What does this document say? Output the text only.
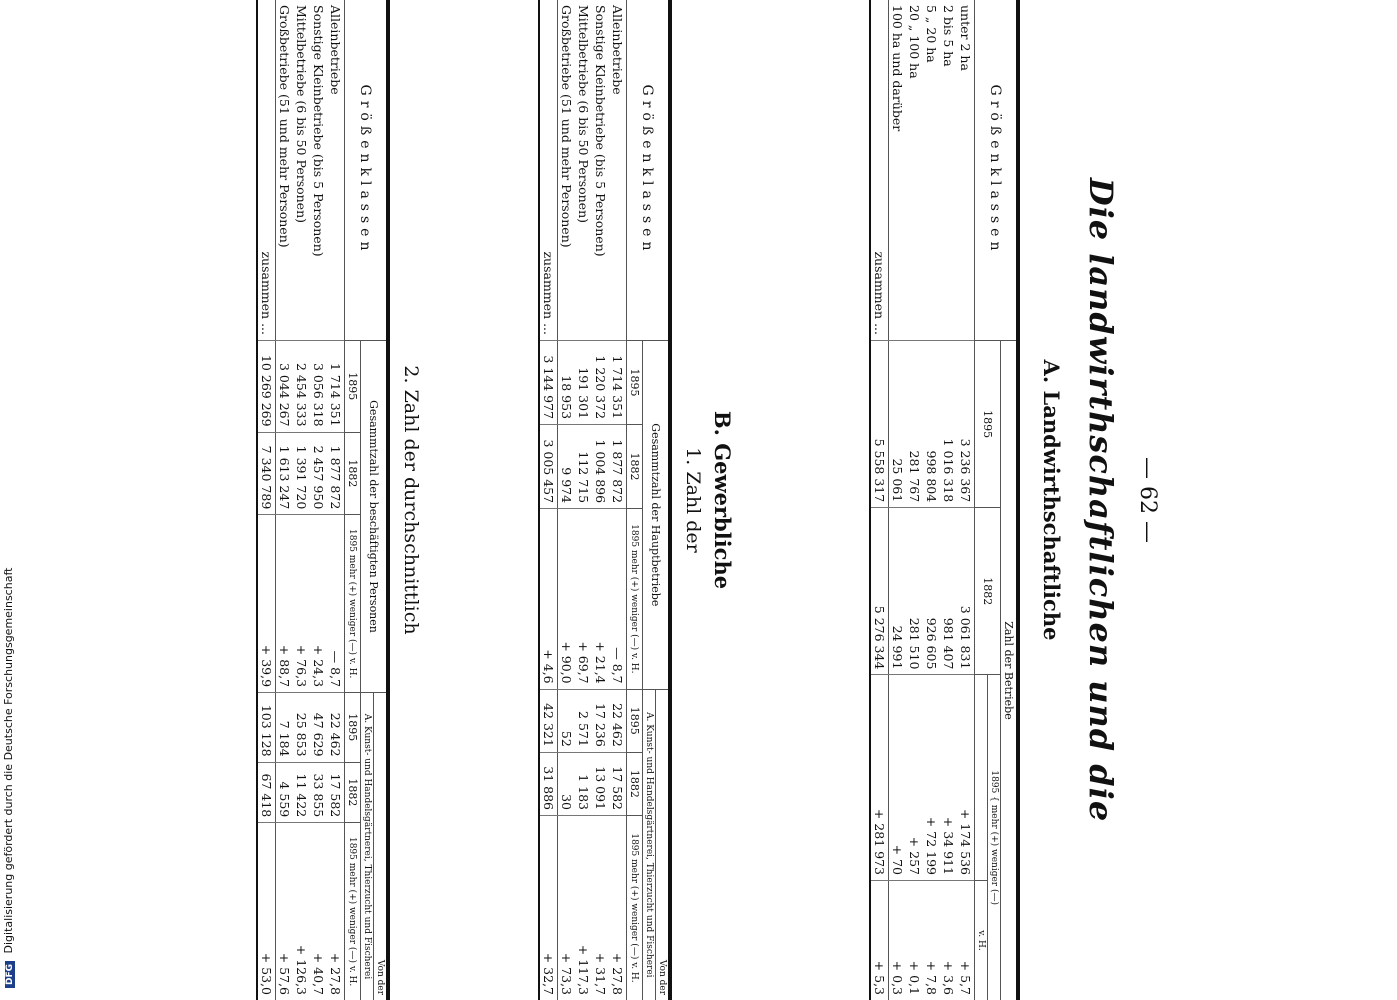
DFG Digitalisierung gefördert durch die Deutsche Forschungsgemeinschaft
— 62 —
Die landwirthschaftlichen und die
A. Landwirthschaftliche
Größenklassen	Zahl der Betriebe			
	1895	1882	1895 { mehr (+) weniger (—)	
				v. H.
unter 2 ha	3 236 367	3 061 831	+ 174 536	+ 5,7
2 bis 5 ha	1 016 318	981 407	+ 34 911	+ 3,6
5 „ 20 ha	998 804	926 605	+ 72 199	+ 7,8
20 „ 100 ha	281 767	281 510	+ 257	+ 0,1
100 ha und darüber	25 061	24 991	+ 70	+ 0,3
zusammen ...	5 558 317	5 276 344	+ 281 973	+ 5,3
B. Gewerbliche
1. Zahl der
Größenklassen	Gesammtzahl der Hauptbetriebe			Von der		
				A. Kunst- und Handelsgärtnerei, Thierzucht und Fischerei		
	1895	1882	1895 mehr (+) weniger (—) v. H.	1895	1882	1895 mehr (+) weniger (—) v. H.
Alleinbetriebe	1 714 351	1 877 872	— 8,7	22 462	17 582	+ 27,8
Sonstige Kleinbetriebe (bis 5 Personen)	1 220 372	1 004 896	+ 21,4	17 236	13 091	+ 31,7
Mittelbetriebe (6 bis 50 Personen)	191 301	112 715	+ 69,7	2 571	1 183	+ 117,3
Großbetriebe (51 und mehr Personen)	18 953	9 974	+ 90,0	52	30	+ 73,3
zusammen ...	3 144 977	3 005 457	+ 4,6	42 321	31 886	+ 32,7
2. Zahl der durchschnittlich
Größenklassen	Gesammtzahl der beschäftigten Personen			Von der		
				A. Kunst- und Handelsgärtnerei, Thierzucht und Fischerei		
	1895	1882	1895 mehr (+) weniger (—) v. H.	1895	1882	1895 mehr (+) weniger (—) v. H.
Alleinbetriebe	1 714 351	1 877 872	— 8,7	22 462	17 582	+ 27,8
Sonstige Kleinbetriebe (bis 5 Personen)	3 056 318	2 457 950	+ 24,3	47 629	33 855	+ 40,7
Mittelbetriebe (6 bis 50 Personen)	2 454 333	1 391 720	+ 76,3	25 853	11 422	+ 126,3
Großbetriebe (51 und mehr Personen)	3 044 267	1 613 247	+ 88,7	7 184	4 559	+ 57,6
zusammen ...	10 269 269	7 340 789	+ 39,9	103 128	67 418	+ 53,0
